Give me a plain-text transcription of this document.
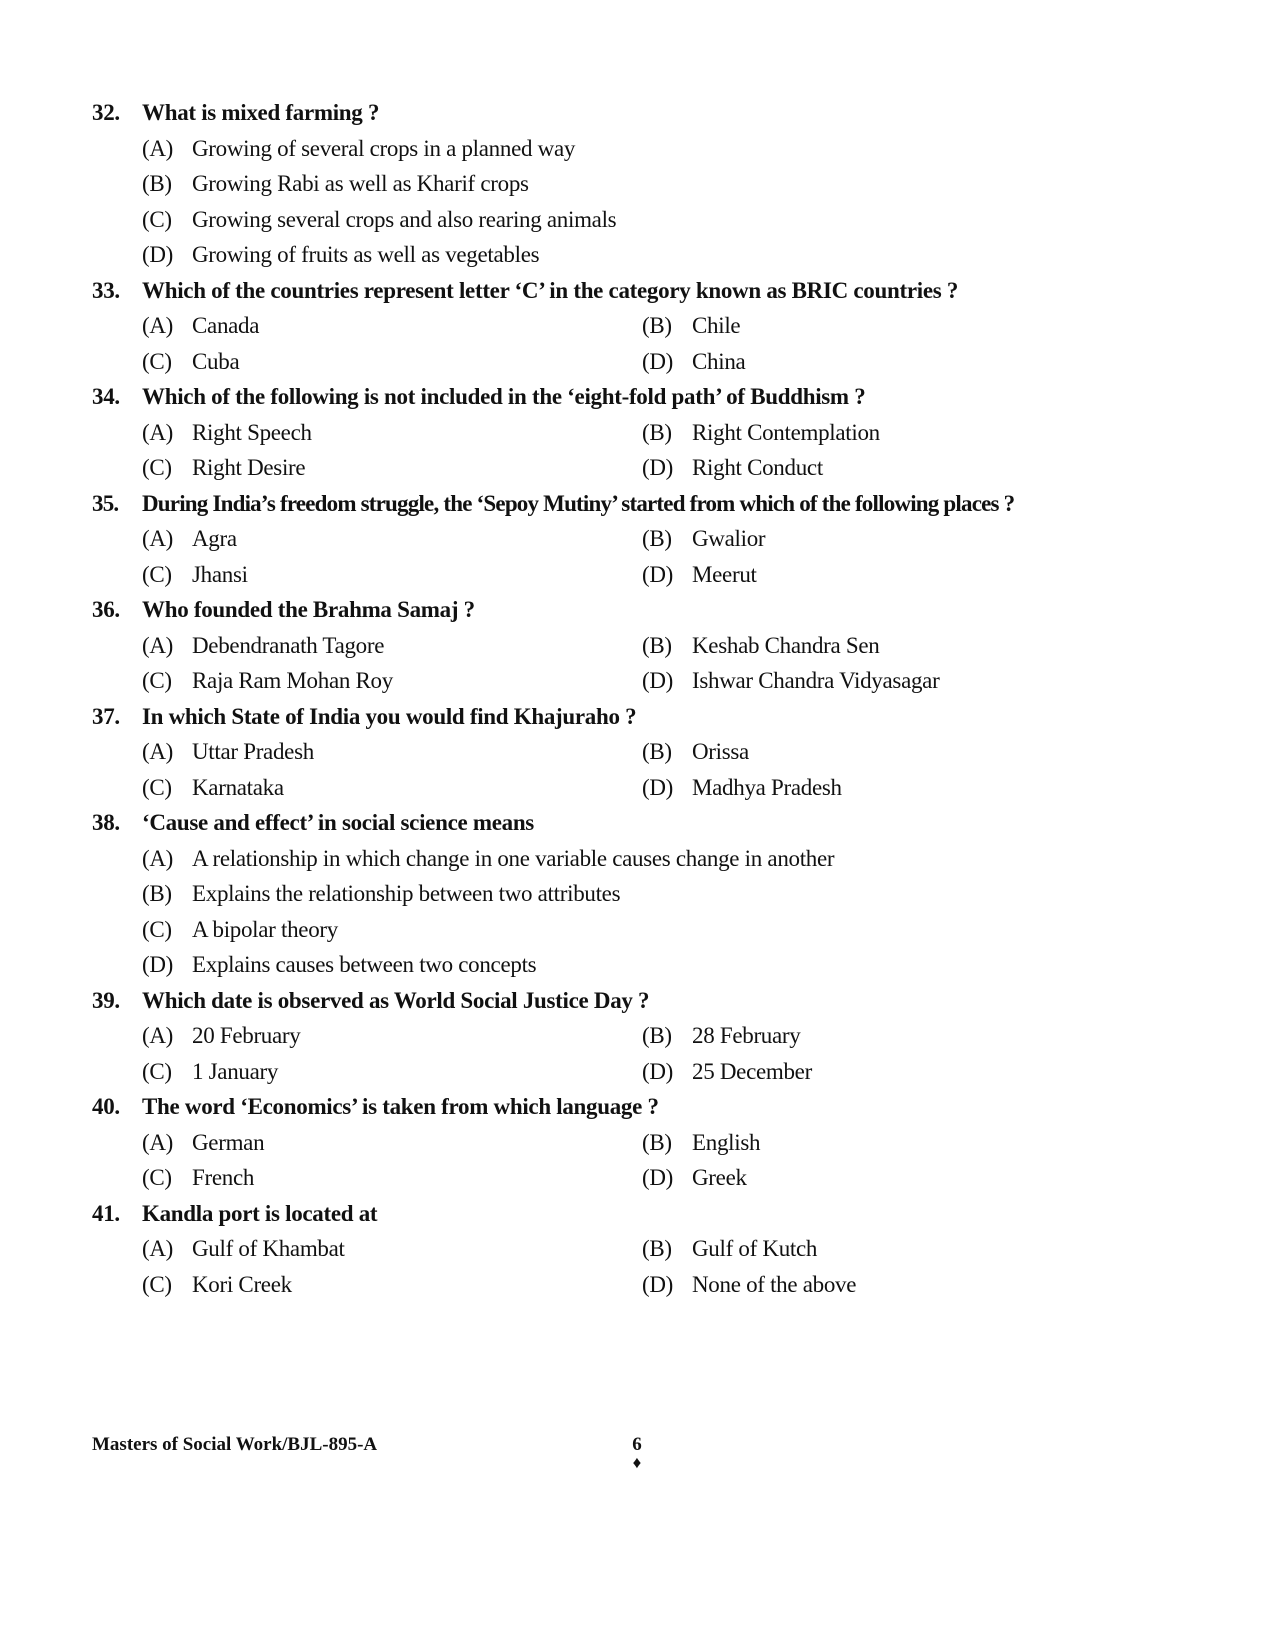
32. What is mixed farming ?
(A) Growing of several crops in a planned way
(B) Growing Rabi as well as Kharif crops
(C) Growing several crops and also rearing animals
(D) Growing of fruits as well as vegetables
33. Which of the countries represent letter ‘C’ in the category known as BRIC countries ?
(A) Canada	(B) Chile
(C) Cuba	(D) China
34. Which of the following is not included in the ‘eight-fold path’ of Buddhism ?
(A) Right Speech	(B) Right Contemplation
(C) Right Desire	(D) Right Conduct
35. During India’s freedom struggle, the ‘Sepoy Mutiny’ started from which of the following places ?
(A) Agra	(B) Gwalior
(C) Jhansi	(D) Meerut
36. Who founded the Brahma Samaj ?
(A) Debendranath Tagore	(B) Keshab Chandra Sen
(C) Raja Ram Mohan Roy	(D) Ishwar Chandra Vidyasagar
37. In which State of India you would find Khajuraho ?
(A) Uttar Pradesh	(B) Orissa
(C) Karnataka	(D) Madhya Pradesh
38. ‘Cause and effect’ in social science means
(A) A relationship in which change in one variable causes change in another
(B) Explains the relationship between two attributes
(C) A bipolar theory
(D) Explains causes between two concepts
39. Which date is observed as World Social Justice Day ?
(A) 20 February	(B) 28 February
(C) 1 January	(D) 25 December
40. The word ‘Economics’ is taken from which language ?
(A) German	(B) English
(C) French	(D) Greek
41. Kandla port is located at
(A) Gulf of Khambat	(B) Gulf of Kutch
(C) Kori Creek	(D) None of the above
Masters of Social Work/BJL-895-A	6
♦
